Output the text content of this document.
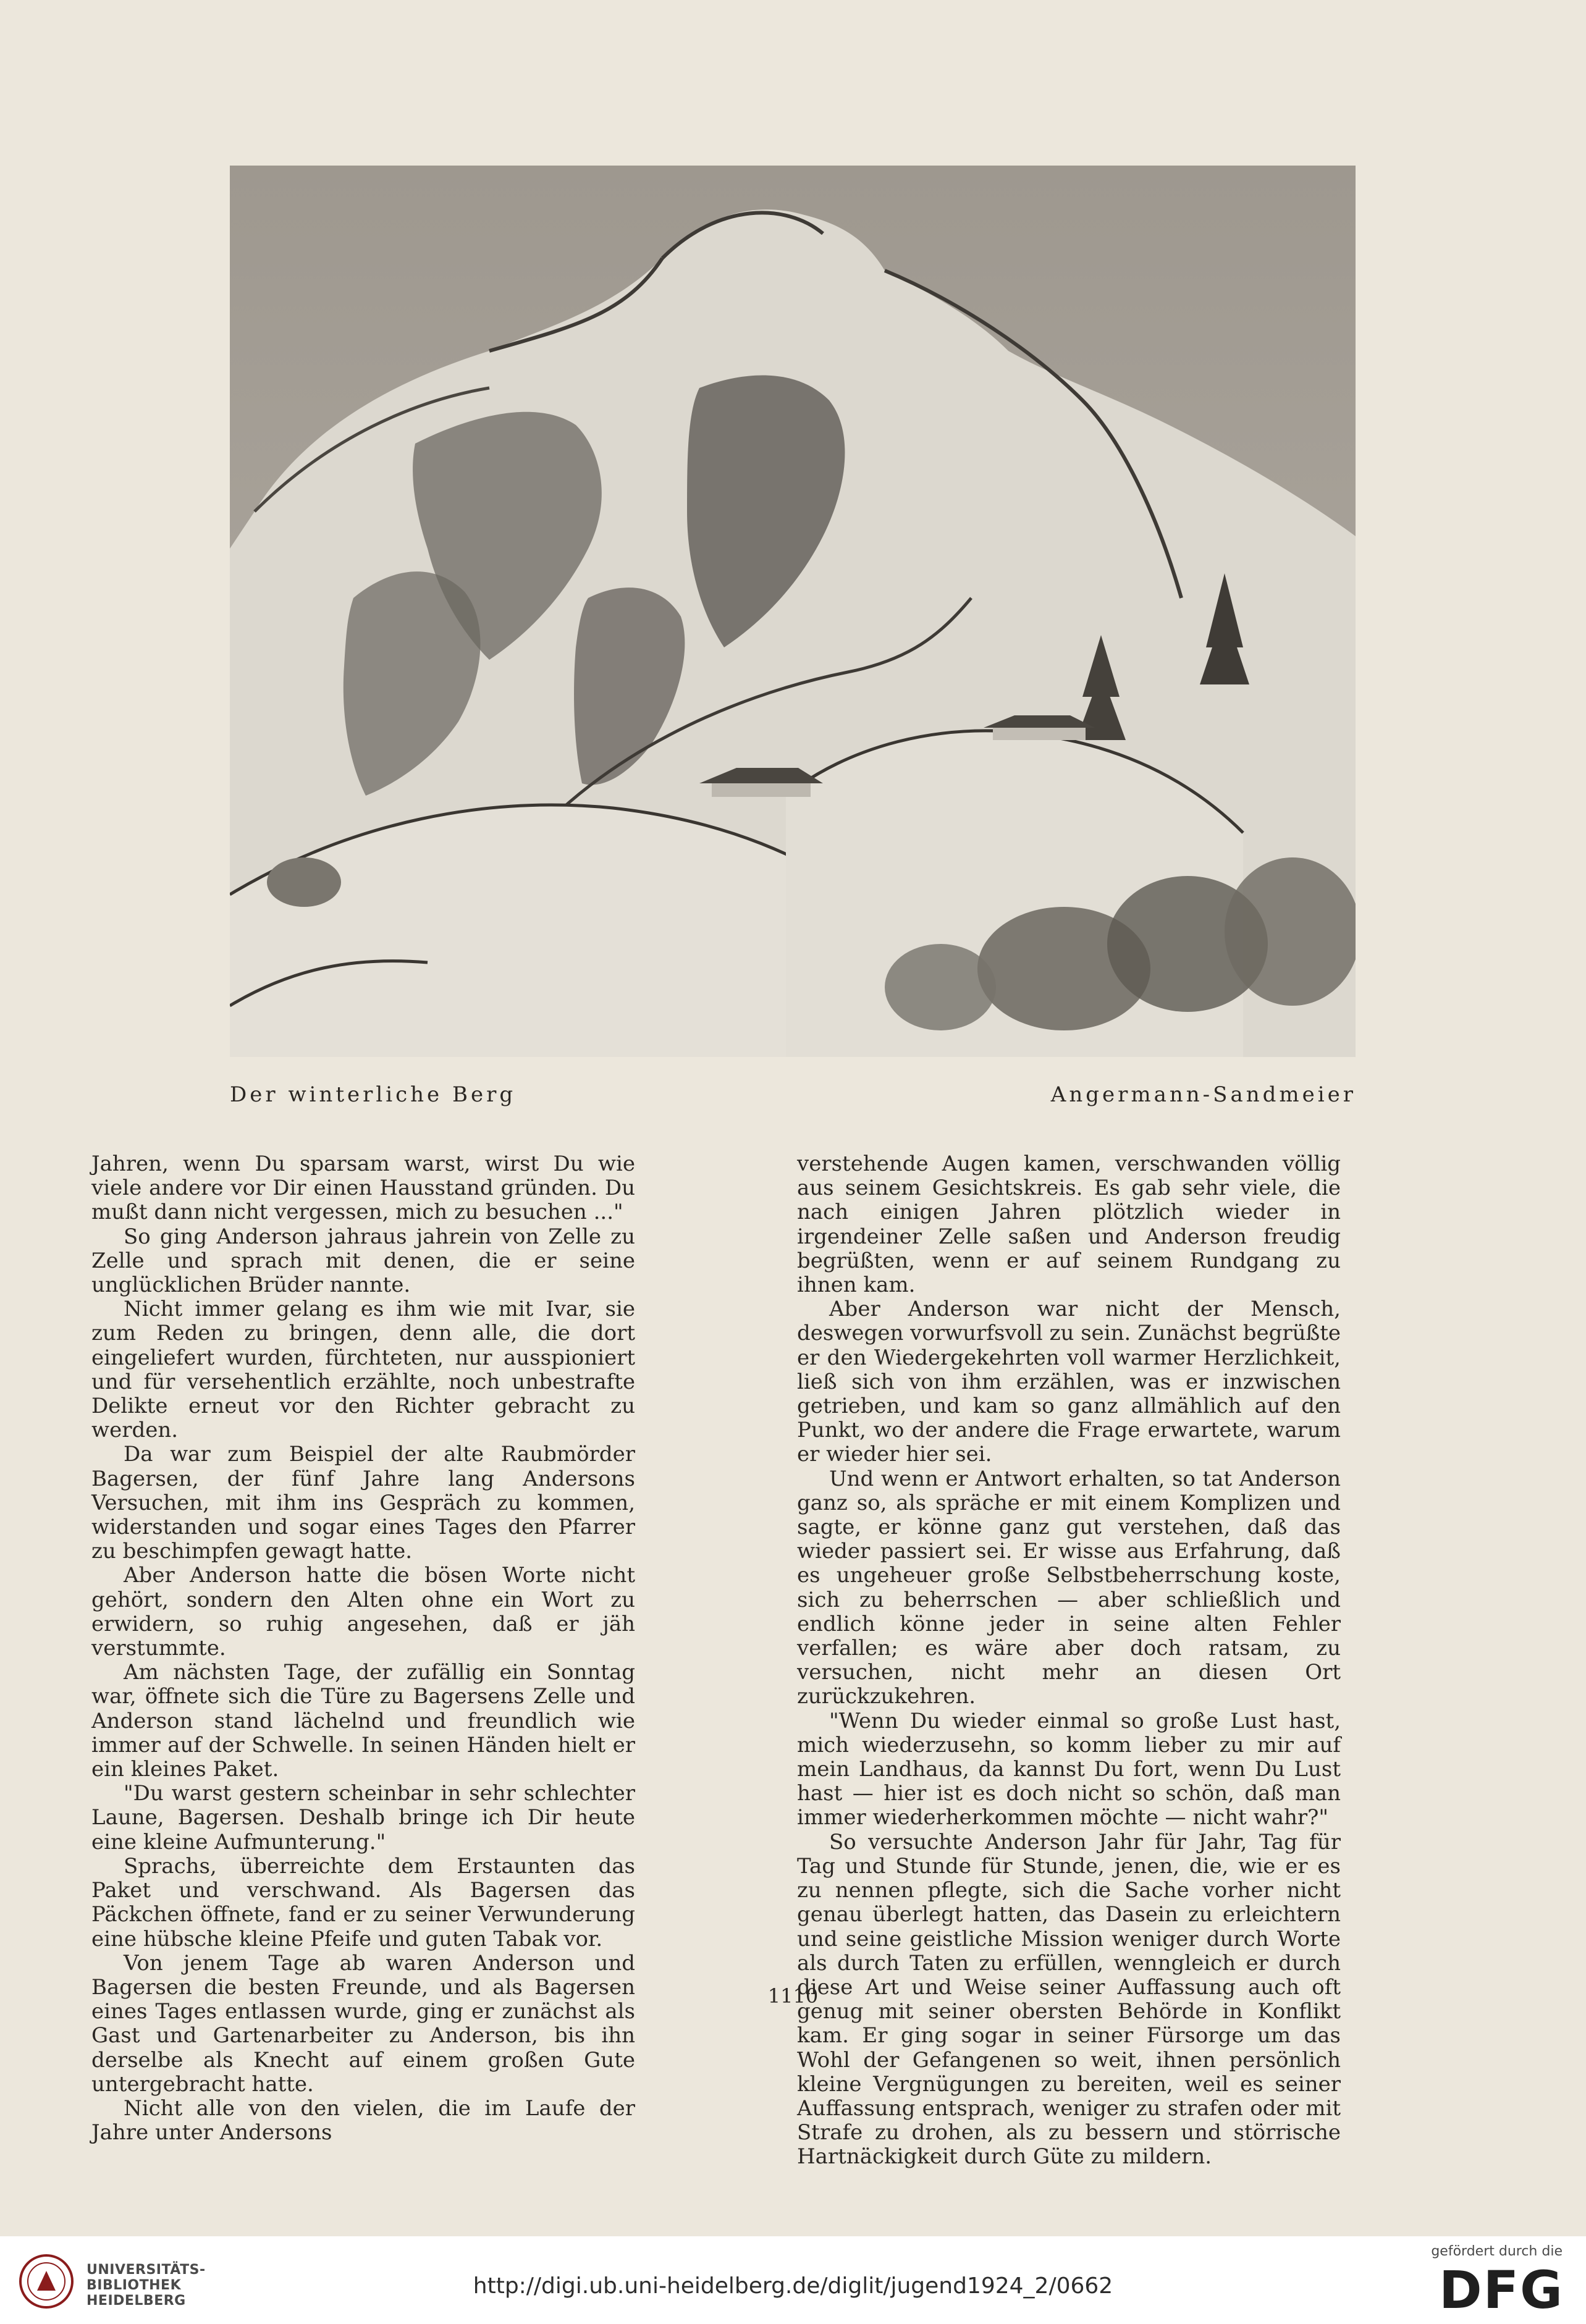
Der winterliche Berg	Angermann-Sandmeier

Jahren, wenn Du sparsam warst, wirst Du wie viele andere vor Dir einen Hausstand gründen. Du mußt dann nicht vergessen, mich zu besuchen ..."

So ging Anderson jahraus jahrein von Zelle zu Zelle und sprach mit denen, die er seine unglücklichen Brüder nannte.

Nicht immer gelang es ihm wie mit Ivar, sie zum Reden zu bringen, denn alle, die dort eingeliefert wurden, fürchteten, nur ausspioniert und für versehentlich erzählte, noch unbestrafte Delikte erneut vor den Richter gebracht zu werden.

Da war zum Beispiel der alte Raubmörder Bagersen, der fünf Jahre lang Andersons Versuchen, mit ihm ins Gespräch zu kommen, widerstanden und sogar eines Tages den Pfarrer zu beschimpfen gewagt hatte.

Aber Anderson hatte die bösen Worte nicht gehört, sondern den Alten ohne ein Wort zu erwidern, so ruhig angesehen, daß er jäh verstummte.

Am nächsten Tage, der zufällig ein Sonntag war, öffnete sich die Türe zu Bagersens Zelle und Anderson stand lächelnd und freundlich wie immer auf der Schwelle. In seinen Händen hielt er ein kleines Paket.

"Du warst gestern scheinbar in sehr schlechter Laune, Bagersen. Deshalb bringe ich Dir heute eine kleine Aufmunterung."

Sprachs, überreichte dem Erstaunten das Paket und verschwand. Als Bagersen das Päckchen öffnete, fand er zu seiner Verwunderung eine hübsche kleine Pfeife und guten Tabak vor.

Von jenem Tage ab waren Anderson und Bagersen die besten Freunde, und als Bagersen eines Tages entlassen wurde, ging er zunächst als Gast und Gartenarbeiter zu Anderson, bis ihn derselbe als Knecht auf einem großen Gute untergebracht hatte.

Nicht alle von den vielen, die im Laufe der Jahre unter Andersons

verstehende Augen kamen, verschwanden völlig aus seinem Gesichtskreis. Es gab sehr viele, die nach einigen Jahren plötzlich wieder in irgendeiner Zelle saßen und Anderson freudig begrüßten, wenn er auf seinem Rundgang zu ihnen kam.

Aber Anderson war nicht der Mensch, deswegen vorwurfsvoll zu sein. Zunächst begrüßte er den Wiedergekehrten voll warmer Herzlichkeit, ließ sich von ihm erzählen, was er inzwischen getrieben, und kam so ganz allmählich auf den Punkt, wo der andere die Frage erwartete, warum er wieder hier sei.

Und wenn er Antwort erhalten, so tat Anderson ganz so, als spräche er mit einem Komplizen und sagte, er könne ganz gut verstehen, daß das wieder passiert sei. Er wisse aus Erfahrung, daß es ungeheuer große Selbstbeherrschung koste, sich zu beherrschen — aber schließlich und endlich könne jeder in seine alten Fehler verfallen; es wäre aber doch ratsam, zu versuchen, nicht mehr an diesen Ort zurückzukehren.

"Wenn Du wieder einmal so große Lust hast, mich wiederzusehn, so komm lieber zu mir auf mein Landhaus, da kannst Du fort, wenn Du Lust hast — hier ist es doch nicht so schön, daß man immer wiederherkommen möchte — nicht wahr?"

So versuchte Anderson Jahr für Jahr, Tag für Tag und Stunde für Stunde, jenen, die, wie er es zu nennen pflegte, sich die Sache vorher nicht genau überlegt hatten, das Dasein zu erleichtern und seine geistliche Mission weniger durch Worte als durch Taten zu erfüllen, wenngleich er durch diese Art und Weise seiner Auffassung auch oft genug mit seiner obersten Behörde in Konflikt kam. Er ging sogar in seiner Fürsorge um das Wohl der Gefangenen so weit, ihnen persönlich kleine Vergnügungen zu bereiten, weil es seiner Auffassung entsprach, weniger zu strafen oder mit Strafe zu drohen, als zu bessern und störrische Hartnäckigkeit durch Güte zu mildern.

1110
UNIVERSITÄTS-
BIBLIOTHEK
HEIDELBERG
http://digi.ub.uni-heidelberg.de/diglit/jugend1924_2/0662
gefördert durch die
DFG
